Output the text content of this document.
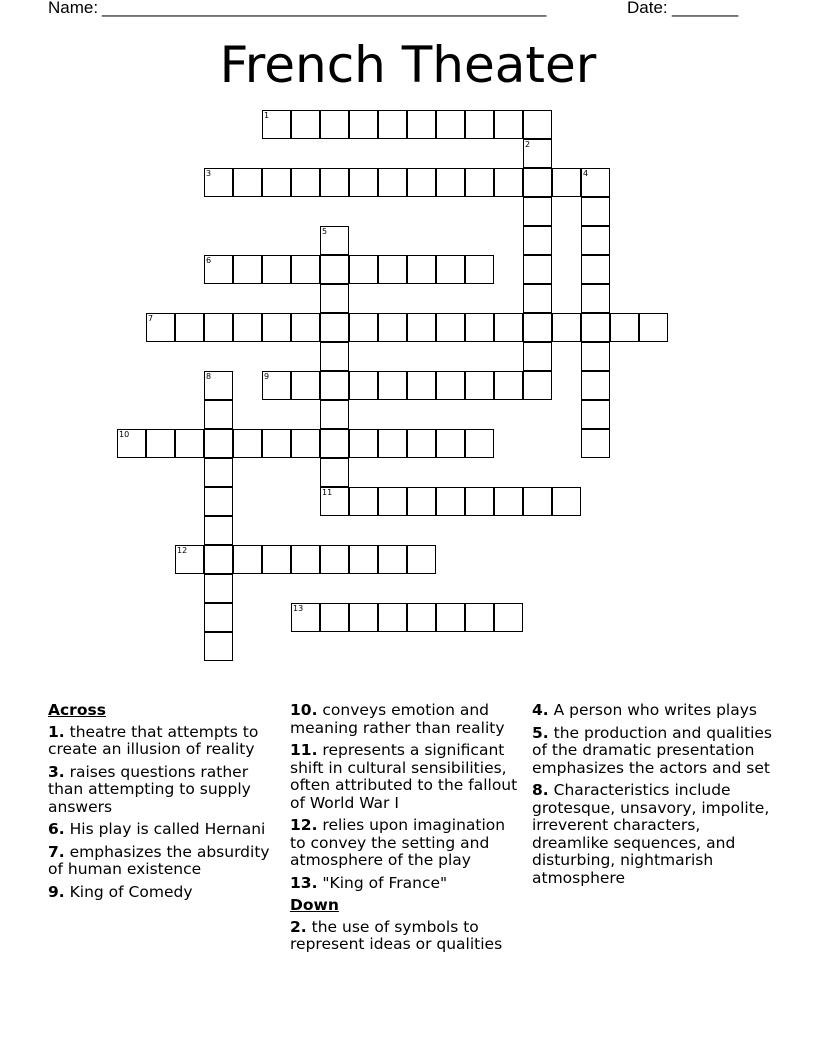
Name: _______________________________________________	Date: _______
French Theater
1
2
3	4
5
6
7
8	9
10
11
12
13
Across
1. theatre that attempts to create an illusion of reality
3. raises questions rather than attempting to supply answers
6. His play is called Hernani
7. emphasizes the absurdity of human existence
9. King of Comedy
10. conveys emotion and meaning rather than reality
11. represents a significant shift in cultural sensibilities, often attributed to the fallout of World War I
12. relies upon imagination to convey the setting and atmosphere of the play
13. "King of France"
Down
2. the use of symbols to represent ideas or qualities
4. A person who writes plays
5. the production and qualities of the dramatic presentation emphasizes the actors and set
8. Characteristics include grotesque, unsavory, impolite, irreverent characters, dreamlike sequences, and disturbing, nightmarish atmosphere
